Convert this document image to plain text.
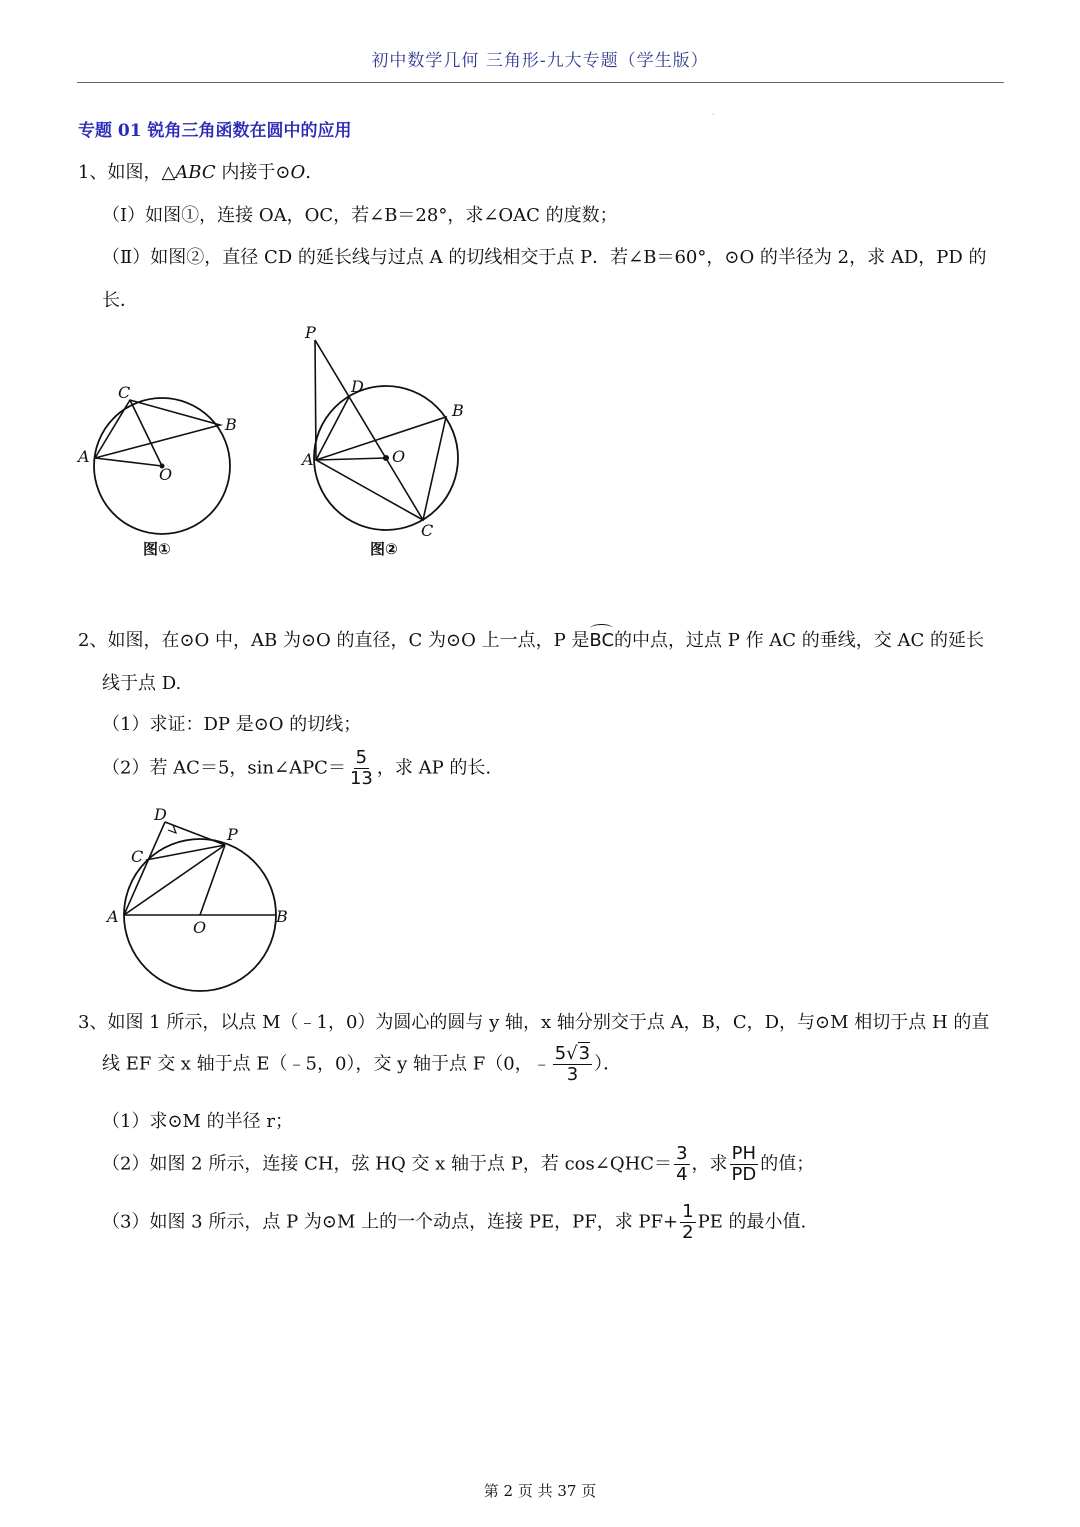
初中数学几何 三角形-九大专题（学生版）
·
专题 01 锐角三角函数在圆中的应用
1、如图，△ABC 内接于⊙O.
（Ⅰ）如图①，连接 OA，OC，若∠B＝28°，求∠OAC 的度数；
（Ⅱ）如图②，直径 CD 的延长线与过点 A 的切线相交于点 P．若∠B＝60°，⊙O 的半径为 2，求 AD，PD 的
长．
A
C
B
O
图①
P
D
B
A	O
C
图②
2、如图，在⊙O 中，AB 为⊙O 的直径，C 为⊙O 上一点，P 是BC的中点，过点 P 作 AC 的垂线，交 AC 的延长
线于点 D.
（1）求证：DP 是⊙O 的切线；
（2）若 AC＝5，sin∠APC＝ $\frac{5}{13}$ ，求 AP 的长.
D
C
P
A
O
B
3、如图 1 所示，以点 M（﹣1，0）为圆心的圆与 y 轴，x 轴分别交于点 A，B，C，D，与⊙M 相切于点 H 的直
线 EF 交 x 轴于点 E（﹣5，0），交 y 轴于点 F（0，﹣ $\frac{5√3}{3}$ ）．
（1）求⊙M 的半径 r；
（2）如图 2 所示，连接 CH，弦 HQ 交 x 轴于点 P，若 cos∠QHC＝ $\frac{3}{4}$ ，求 $\frac{PH}{PD}$ 的值；
（3）如图 3 所示，点 P 为⊙M 上的一个动点，连接 PE，PF，求 $PF+ \frac{1}{2}$ PE 的最小值.
第 2 页 共 37 页
